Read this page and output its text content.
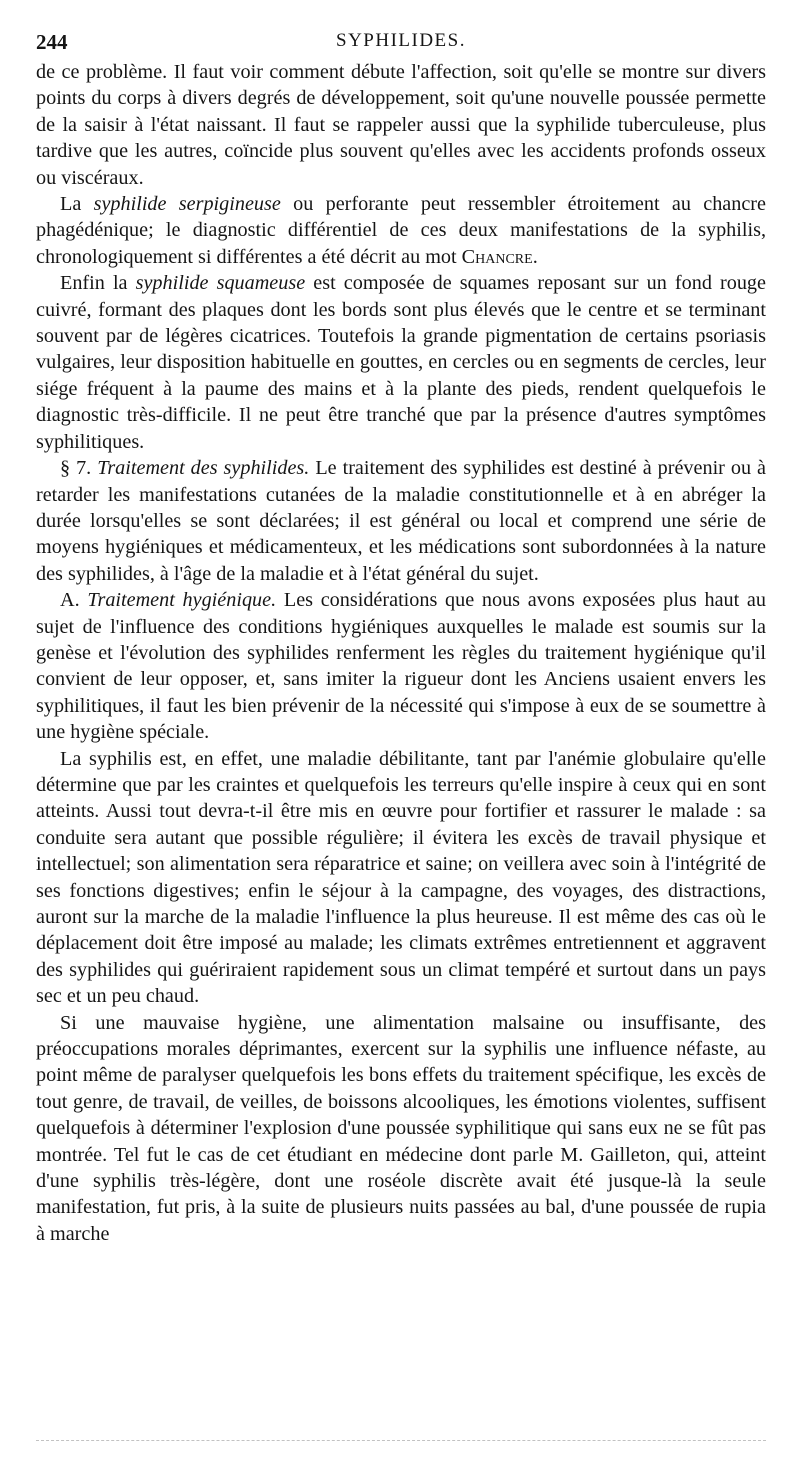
244	SYPHILIDES.

de ce problème. Il faut voir comment débute l'affection, soit qu'elle se montre sur divers points du corps à divers degrés de développement, soit qu'une nouvelle poussée permette de la saisir à l'état naissant. Il faut se rappeler aussi que la syphilide tuberculeuse, plus tardive que les autres, coïncide plus souvent qu'elles avec les accidents profonds osseux ou viscéraux.

La syphilide serpigineuse ou perforante peut ressembler étroitement au chancre phagédénique; le diagnostic différentiel de ces deux manifestations de la syphilis, chronologiquement si différentes a été décrit au mot Chancre.

Enfin la syphilide squameuse est composée de squames reposant sur un fond rouge cuivré, formant des plaques dont les bords sont plus élevés que le centre et se terminant souvent par de légères cicatrices. Toutefois la grande pigmentation de certains psoriasis vulgaires, leur disposition habituelle en gouttes, en cercles ou en segments de cercles, leur siége fréquent à la paume des mains et à la plante des pieds, rendent quelquefois le diagnostic très-difficile. Il ne peut être tranché que par la présence d'autres symptômes syphilitiques.

§ 7. Traitement des syphilides. Le traitement des syphilides est destiné à prévenir ou à retarder les manifestations cutanées de la maladie constitutionnelle et à en abréger la durée lorsqu'elles se sont déclarées; il est général ou local et comprend une série de moyens hygiéniques et médicamenteux, et les médications sont subordonnées à la nature des syphilides, à l'âge de la maladie et à l'état général du sujet.

A. Traitement hygiénique. Les considérations que nous avons exposées plus haut au sujet de l'influence des conditions hygiéniques auxquelles le malade est soumis sur la genèse et l'évolution des syphilides renferment les règles du traitement hygiénique qu'il convient de leur opposer, et, sans imiter la rigueur dont les Anciens usaient envers les syphilitiques, il faut les bien prévenir de la nécessité qui s'impose à eux de se soumettre à une hygiène spéciale.

La syphilis est, en effet, une maladie débilitante, tant par l'anémie globulaire qu'elle détermine que par les craintes et quelquefois les terreurs qu'elle inspire à ceux qui en sont atteints. Aussi tout devra-t-il être mis en œuvre pour fortifier et rassurer le malade : sa conduite sera autant que possible régulière; il évitera les excès de travail physique et intellectuel; son alimentation sera réparatrice et saine; on veillera avec soin à l'intégrité de ses fonctions digestives; enfin le séjour à la campagne, des voyages, des distractions, auront sur la marche de la maladie l'influence la plus heureuse. Il est même des cas où le déplacement doit être imposé au malade; les climats extrêmes entretiennent et aggravent des syphilides qui guériraient rapidement sous un climat tempéré et surtout dans un pays sec et un peu chaud.

Si une mauvaise hygiène, une alimentation malsaine ou insuffisante, des préoccupations morales déprimantes, exercent sur la syphilis une influence néfaste, au point même de paralyser quelquefois les bons effets du traitement spécifique, les excès de tout genre, de travail, de veilles, de boissons alcooliques, les émotions violentes, suffisent quelquefois à déterminer l'explosion d'une poussée syphilitique qui sans eux ne se fût pas montrée. Tel fut le cas de cet étudiant en médecine dont parle M. Gailleton, qui, atteint d'une syphilis très-légère, dont une roséole discrète avait été jusque-là la seule manifestation, fut pris, à la suite de plusieurs nuits passées au bal, d'une poussée de rupia à marche
